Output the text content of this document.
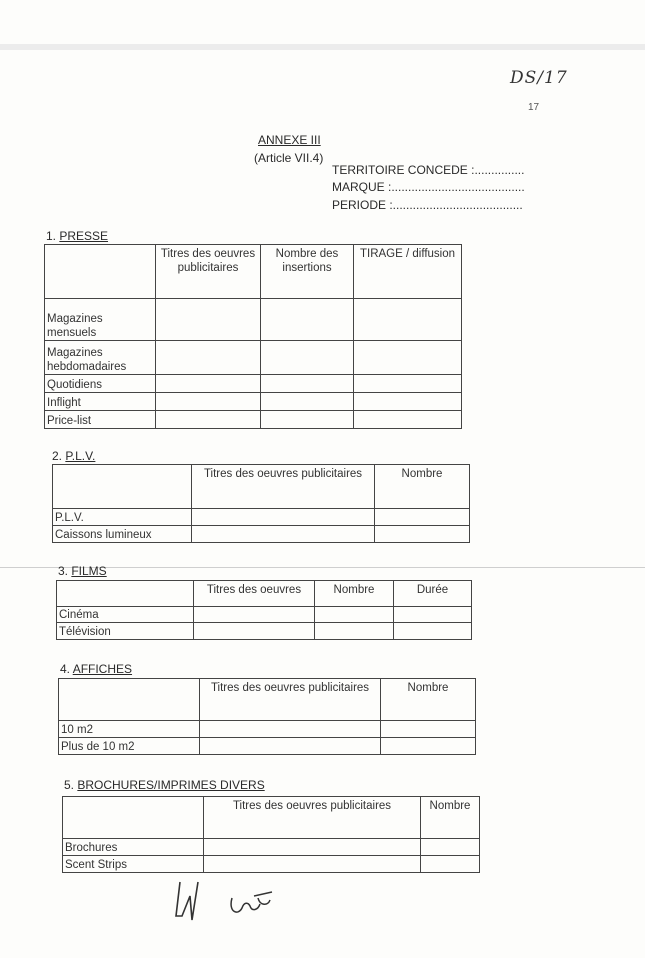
DS/17
17
ANNEXE III
(Article VII.4)
TERRITOIRE CONCEDE :...............
MARQUE :........................................
PERIODE :.......................................
1. PRESSE
	Titres des oeuvres publicitaires	Nombre des insertions	TIRAGE / diffusion
Magazines mensuels			
Magazines hebdomadaires			
Quotidiens			
Inflight			
Price-list			
2. P.L.V.
	Titres des oeuvres publicitaires	Nombre
P.L.V.		
Caissons lumineux		
3. FILMS
	Titres des oeuvres	Nombre	Durée
Cinéma			
Télévision			
4. AFFICHES
	Titres des oeuvres publicitaires	Nombre
10 m2		
Plus de 10 m2		
5. BROCHURES/IMPRIMES DIVERS
	Titres des oeuvres publicitaires	Nombre
Brochures		
Scent Strips		
